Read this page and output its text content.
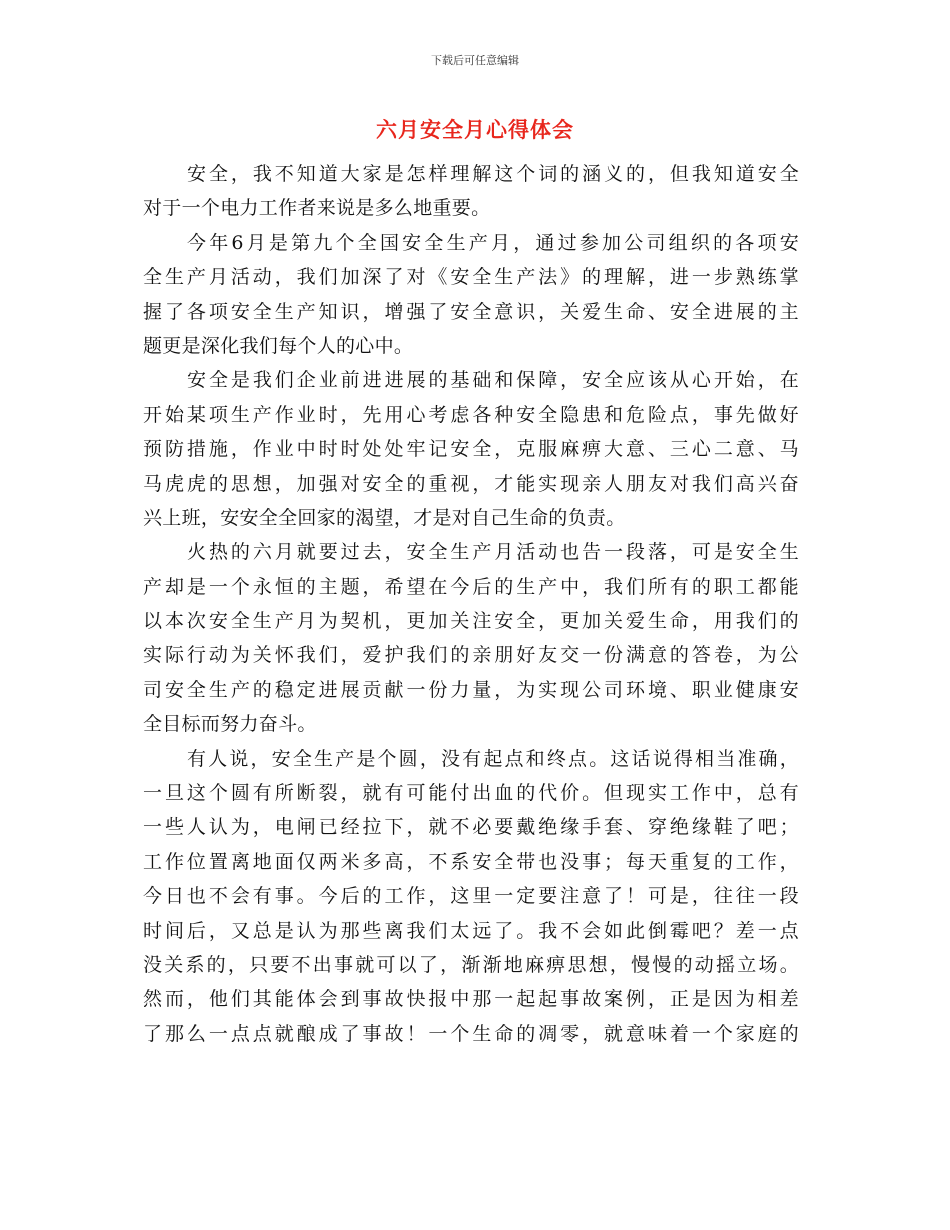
下载后可任意编辑
六月安全月心得体会
安全，我不知道大家是怎样理解这个词的涵义的，但我知道安全
对于一个电力工作者来说是多么地重要。
今年6月是第九个全国安全生产月，通过参加公司组织的各项安
全生产月活动，我们加深了对《安全生产法》的理解，进一步熟练掌
握了各项安全生产知识，增强了安全意识，关爱生命、安全进展的主
题更是深化我们每个人的心中。
安全是我们企业前进进展的基础和保障，安全应该从心开始，在
开始某项生产作业时，先用心考虑各种安全隐患和危险点，事先做好
预防措施，作业中时时处处牢记安全，克服麻痹大意、三心二意、马
马虎虎的思想，加强对安全的重视，才能实现亲人朋友对我们高兴奋
兴上班，安安全全回家的渴望，才是对自己生命的负责。
火热的六月就要过去，安全生产月活动也告一段落，可是安全生
产却是一个永恒的主题，希望在今后的生产中，我们所有的职工都能
以本次安全生产月为契机，更加关注安全，更加关爱生命，用我们的
实际行动为关怀我们，爱护我们的亲朋好友交一份满意的答卷，为公
司安全生产的稳定进展贡献一份力量，为实现公司环境、职业健康安
全目标而努力奋斗。
有人说，安全生产是个圆，没有起点和终点。这话说得相当准确，
一旦这个圆有所断裂，就有可能付出血的代价。但现实工作中，总有
一些人认为，电闸已经拉下，就不必要戴绝缘手套、穿绝缘鞋了吧；
工作位置离地面仅两米多高，不系安全带也没事；每天重复的工作，
今日也不会有事。今后的工作，这里一定要注意了！可是，往往一段
时间后，又总是认为那些离我们太远了。我不会如此倒霉吧？差一点
没关系的，只要不出事就可以了，渐渐地麻痹思想，慢慢的动摇立场。
然而，他们其能体会到事故快报中那一起起事故案例，正是因为相差
了那么一点点就酿成了事故！一个生命的凋零，就意味着一个家庭的
